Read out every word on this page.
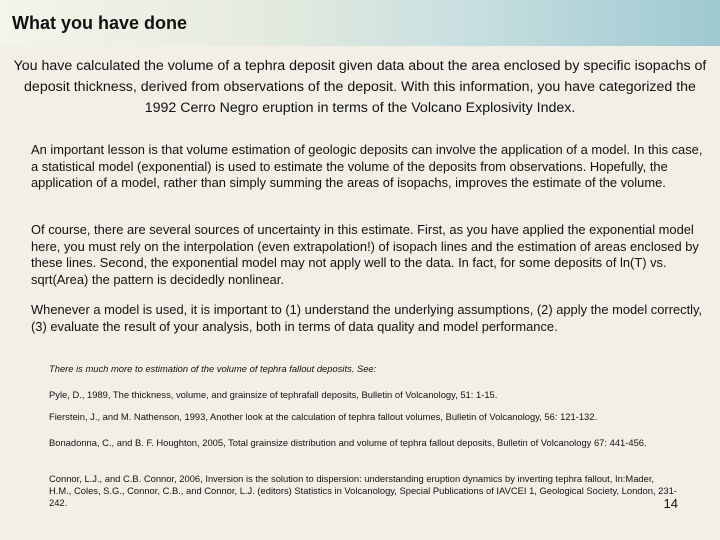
What you have done
You have calculated the volume of a tephra deposit given data about the area enclosed by specific isopachs of deposit thickness, derived from observations of the deposit. With this information, you have categorized the 1992 Cerro Negro eruption in terms of the Volcano Explosivity Index.
An important lesson is that volume estimation of geologic deposits can involve the application of a model. In this case, a statistical model (exponential) is used to estimate the volume of the deposits from observations. Hopefully, the application of a model, rather than simply summing the areas of isopachs, improves the estimate of the volume.
Of course, there are several sources of uncertainty in this estimate. First, as you have applied the exponential model here, you must rely on the interpolation (even extrapolation!) of isopach lines and the estimation of areas enclosed by these lines. Second, the exponential model may not apply well to the data. In fact, for some deposits of ln(T) vs. sqrt(Area) the pattern is decidedly nonlinear.
Whenever a model is used, it is important to (1) understand the underlying assumptions, (2) apply the model correctly, (3) evaluate the result of your analysis, both in terms of data quality and model performance.
There is much more to estimation of the volume of tephra fallout deposits. See:
Pyle, D., 1989, The thickness, volume, and grainsize of tephrafall deposits, Bulletin of Volcanology, 51: 1-15.
Fierstein, J., and M. Nathenson, 1993, Another look at the calculation of tephra fallout volumes, Bulletin of Volcanology, 56: 121-132.
Bonadonna, C., and B. F. Houghton, 2005, Total grainsize distribution and volume of tephra fallout deposits, Bulletin of Volcanology 67: 441-456.
Connor, L.J., and C.B. Connor, 2006, Inversion is the solution to dispersion: understanding eruption dynamics by inverting tephra fallout, In:Mader, H.M., Coles, S.G., Connor, C.B., and Connor, L.J. (editors) Statistics in Volcanology, Special Publications of IAVCEI 1, Geological Society, London, 231-242.	14
